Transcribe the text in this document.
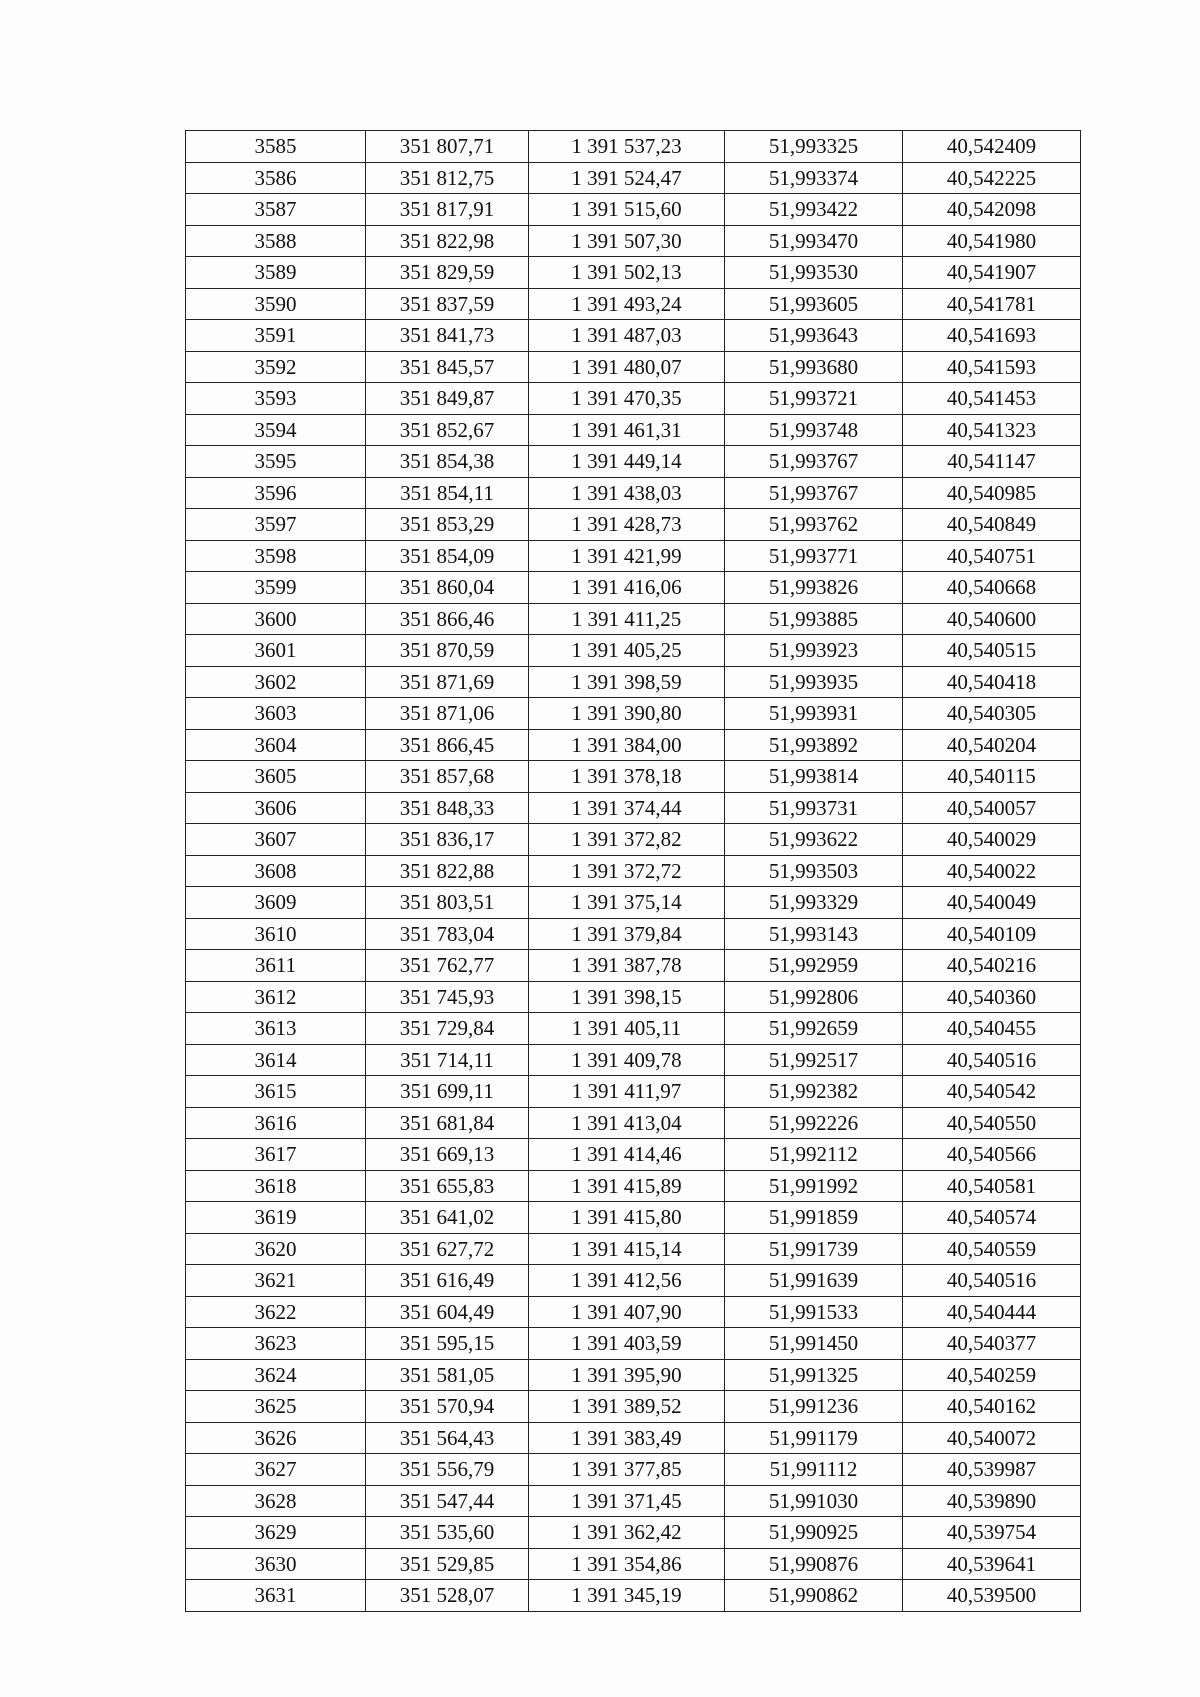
3585	351 807,71	1 391 537,23	51,993325	40,542409
3586	351 812,75	1 391 524,47	51,993374	40,542225
3587	351 817,91	1 391 515,60	51,993422	40,542098
3588	351 822,98	1 391 507,30	51,993470	40,541980
3589	351 829,59	1 391 502,13	51,993530	40,541907
3590	351 837,59	1 391 493,24	51,993605	40,541781
3591	351 841,73	1 391 487,03	51,993643	40,541693
3592	351 845,57	1 391 480,07	51,993680	40,541593
3593	351 849,87	1 391 470,35	51,993721	40,541453
3594	351 852,67	1 391 461,31	51,993748	40,541323
3595	351 854,38	1 391 449,14	51,993767	40,541147
3596	351 854,11	1 391 438,03	51,993767	40,540985
3597	351 853,29	1 391 428,73	51,993762	40,540849
3598	351 854,09	1 391 421,99	51,993771	40,540751
3599	351 860,04	1 391 416,06	51,993826	40,540668
3600	351 866,46	1 391 411,25	51,993885	40,540600
3601	351 870,59	1 391 405,25	51,993923	40,540515
3602	351 871,69	1 391 398,59	51,993935	40,540418
3603	351 871,06	1 391 390,80	51,993931	40,540305
3604	351 866,45	1 391 384,00	51,993892	40,540204
3605	351 857,68	1 391 378,18	51,993814	40,540115
3606	351 848,33	1 391 374,44	51,993731	40,540057
3607	351 836,17	1 391 372,82	51,993622	40,540029
3608	351 822,88	1 391 372,72	51,993503	40,540022
3609	351 803,51	1 391 375,14	51,993329	40,540049
3610	351 783,04	1 391 379,84	51,993143	40,540109
3611	351 762,77	1 391 387,78	51,992959	40,540216
3612	351 745,93	1 391 398,15	51,992806	40,540360
3613	351 729,84	1 391 405,11	51,992659	40,540455
3614	351 714,11	1 391 409,78	51,992517	40,540516
3615	351 699,11	1 391 411,97	51,992382	40,540542
3616	351 681,84	1 391 413,04	51,992226	40,540550
3617	351 669,13	1 391 414,46	51,992112	40,540566
3618	351 655,83	1 391 415,89	51,991992	40,540581
3619	351 641,02	1 391 415,80	51,991859	40,540574
3620	351 627,72	1 391 415,14	51,991739	40,540559
3621	351 616,49	1 391 412,56	51,991639	40,540516
3622	351 604,49	1 391 407,90	51,991533	40,540444
3623	351 595,15	1 391 403,59	51,991450	40,540377
3624	351 581,05	1 391 395,90	51,991325	40,540259
3625	351 570,94	1 391 389,52	51,991236	40,540162
3626	351 564,43	1 391 383,49	51,991179	40,540072
3627	351 556,79	1 391 377,85	51,991112	40,539987
3628	351 547,44	1 391 371,45	51,991030	40,539890
3629	351 535,60	1 391 362,42	51,990925	40,539754
3630	351 529,85	1 391 354,86	51,990876	40,539641
3631	351 528,07	1 391 345,19	51,990862	40,539500
